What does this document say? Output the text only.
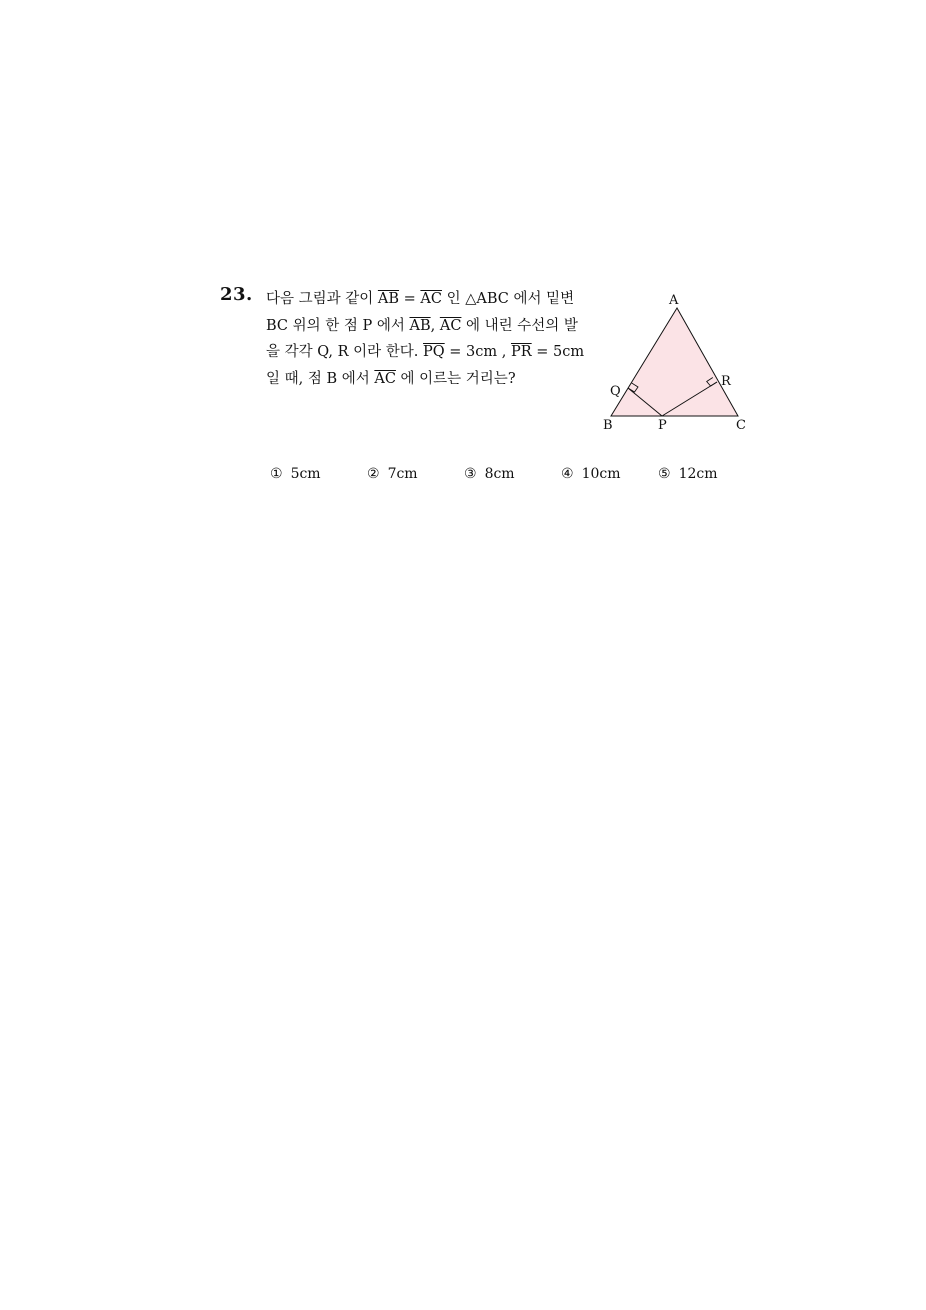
23. 다음 그림과 같이 $\overline{AB} = \overline{AC}$ 인 △ABC 에서 밑변
BC 위의 한 점 P 에서 $\overline{AB}$, $\overline{AC}$ 에 내린 수선의 발
을 각각 Q, R 이라 한다. $\overline{PQ} = 3cm$ , $\overline{PR} = 5cm$
일 때, 점 B 에서 $\overline{AC}$ 에 이르는 거리는?
A
Q
R
B	P	C
① 5cm	② 7cm	③ 8cm	④ 10cm	⑤ 12cm
